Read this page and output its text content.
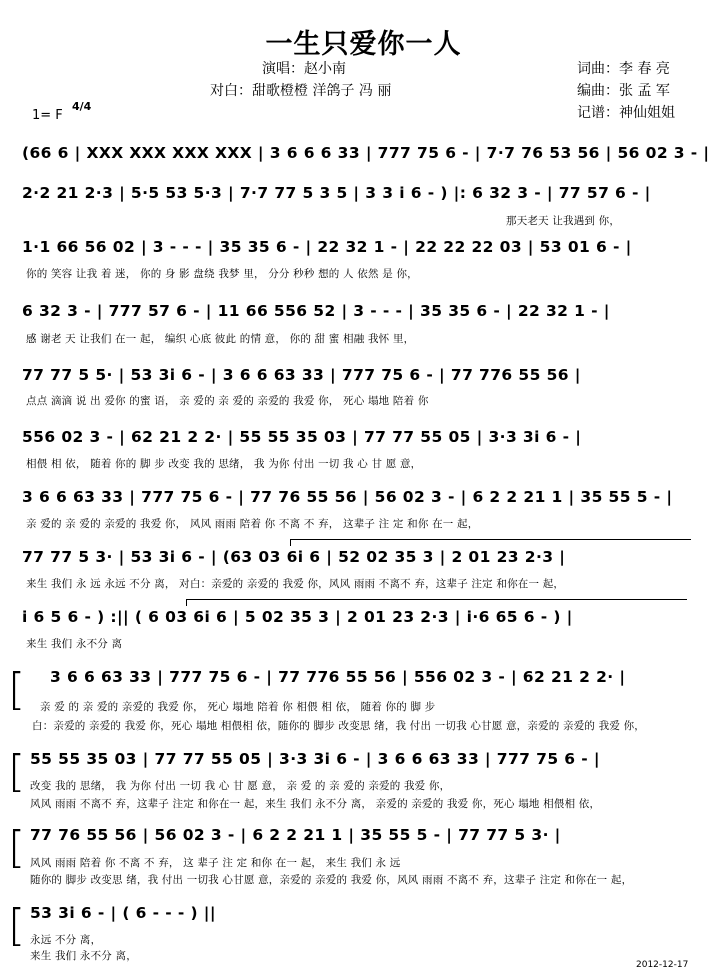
一生只爱你一人
演唱：赵小南
对白：甜歌橙橙 洋鸽子 冯 丽
词曲：李 春 亮
编曲：张 孟 军
记谱：神仙姐姐
1= F
4/4
(66 6 | XXX XXX XXX XXX | 3 6 6 6 33 | 777 75 6 - | 7·7 76 53 56 | 56 02 3 - |
2·2 21 2·3 | 5·5 53 5·3 | 7·7 77 5 3 5 | 3 3 i 6 - ) |: 6 32 3 - | 77 57 6 - |
那天老天 让我遇到 你，
1·1 66 56 02 | 3 - - - | 35 35 6 - | 22 32 1 - | 22 22 22 03 | 53 01 6 - |
你的 笑容 让我 着 迷， 你的 身 影 盘绕 我梦 里， 分分 秒秒 想的 人 依然 是 你，
6 32 3 - | 777 57 6 - | 11 66 556 52 | 3 - - - | 35 35 6 - | 22 32 1 - |
感 谢老 天 让我们 在一 起， 编织 心底 彼此 的情 意， 你的 甜 蜜 相融 我怀 里，
77 77 5 5· | 53 3i 6 - | 3 6 6 63 33 | 777 75 6 - | 77 776 55 56 |
点点 滴滴 说 出 爱你 的蜜 语， 亲 爱的 亲 爱的 亲爱的 我爱 你， 死心 塌地 陪着 你
556 02 3 - | 62 21 2 2· | 55 55 35 03 | 77 77 55 05 | 3·3 3i 6 - |
相偎 相 依， 随着 你的 脚 步 改变 我的 思绪， 我 为你 付出 一切 我 心 甘 愿 意，
3 6 6 63 33 | 777 75 6 - | 77 76 55 56 | 56 02 3 - | 6 2 2 21 1 | 35 55 5 - |
亲 爱的 亲 爱的 亲爱的 我爱 你， 风风 雨雨 陪着 你 不离 不 弃， 这辈子 注 定 和你 在一 起，
77 77 5 3· | 53 3i 6 - | (63 03 6i 6 | 52 02 35 3 | 2 01 23 2·3 |
来生 我们 永 远 永远 不分 离， 对白：亲爱的 亲爱的 我爱 你，风风 雨雨 不离不 弃，这辈子 注定 和你在一 起，
i 6 5 6 - ) :|| ( 6 03 6i 6 | 5 02 35 3 | 2 01 23 2·3 | i·6 65 6 - ) |
来生 我们 永不分 离
[ 3 6 6 63 33 | 777 75 6 - | 77 776 55 56 | 556 02 3 - | 62 21 2 2· |
亲 爱 的 亲 爱的 亲爱的 我爱 你， 死心 塌地 陪着 你 相偎 相 依， 随着 你的 脚 步
白：亲爱的 亲爱的 我爱 你，死心 塌地 相偎相 依，随你的 脚步 改变思 绪，我 付出 一切我 心甘愿 意，亲爱的 亲爱的 我爱 你，
[ 55 55 35 03 | 77 77 55 05 | 3·3 3i 6 - | 3 6 6 63 33 | 777 75 6 - |
改变 我的 思绪， 我 为你 付出 一切 我 心 甘 愿 意， 亲 爱 的 亲 爱的 亲爱的 我爱 你，
风风 雨雨 不离不 弃，这辈子 注定 和你在一 起，来生 我们 永不分 离， 亲爱的 亲爱的 我爱 你，死心 塌地 相偎相 依，
[ 77 76 55 56 | 56 02 3 - | 6 2 2 21 1 | 35 55 5 - | 77 77 5 3· |
风风 雨雨 陪着 你 不离 不 弃， 这 辈子 注 定 和你 在一 起， 来生 我们 永 远
随你的 脚步 改变思 绪，我 付出 一切我 心甘愿 意，亲爱的 亲爱的 我爱 你，风风 雨雨 不离不 弃，这辈子 注定 和你在一 起，
[ 53 3i 6 - | ( 6 - - - ) ||
永远 不分 离，
来生 我们 永不分 离，
2012-12-17
